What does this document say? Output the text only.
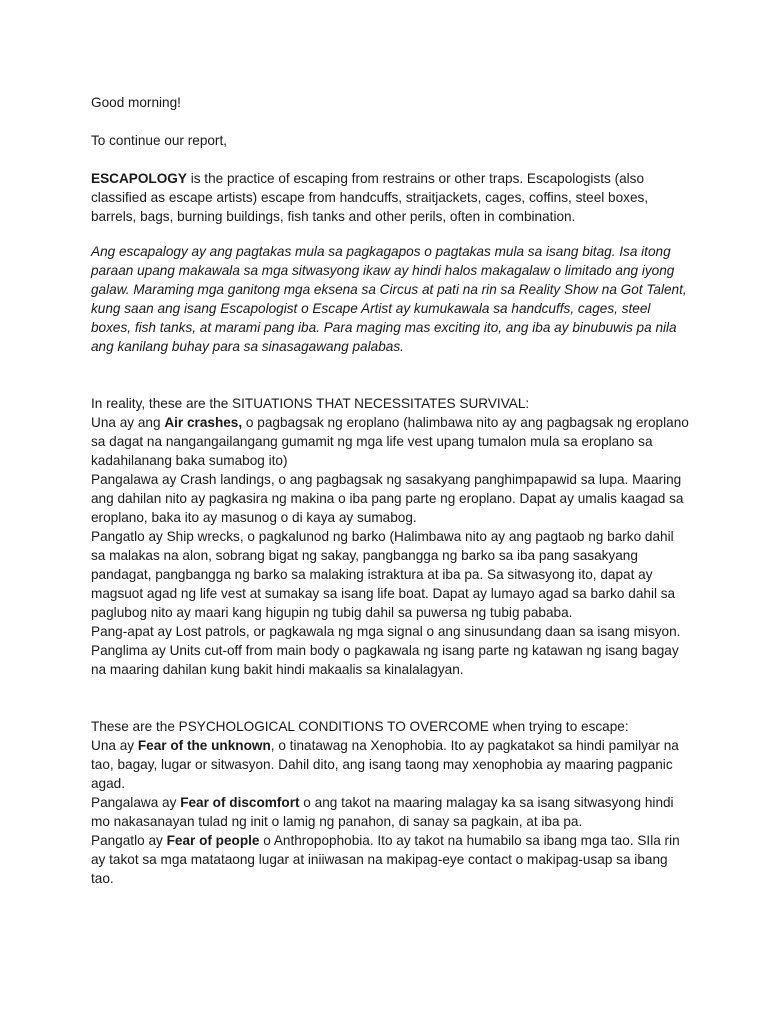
Good morning!

To continue our report,

ESCAPOLOGY is the practice of escaping from restrains or other traps. Escapologists (also classified as escape artists) escape from handcuffs, straitjackets, cages, coffins, steel boxes, barrels, bags, burning buildings, fish tanks and other perils, often in combination.

Ang escapalogy ay ang pagtakas mula sa pagkagapos o pagtakas mula sa isang bitag. Isa itong paraan upang makawala sa mga sitwasyong ikaw ay hindi halos makagalaw o limitado ang iyong galaw. Maraming mga ganitong mga eksena sa Circus at pati na rin sa Reality Show na Got Talent, kung saan ang isang Escapologist o Escape Artist ay kumukawala sa handcuffs, cages, steel boxes, fish tanks, at marami pang iba. Para maging mas exciting ito, ang iba ay binubuwis pa nila ang kanilang buhay para sa sinasagawang palabas.

In reality, these are the SITUATIONS THAT NECESSITATES SURVIVAL:

Una ay ang Air crashes, o pagbagsak ng eroplano (halimbawa nito ay ang pagbagsak ng eroplano sa dagat na nangangailangang gumamit ng mga life vest upang tumalon mula sa eroplano sa kadahilanang baka sumabog ito)

Pangalawa ay Crash landings, o ang pagbagsak ng sasakyang panghimpapawid sa lupa. Maaring ang dahilan nito ay pagkasira ng makina o iba pang parte ng eroplano. Dapat ay umalis kaagad sa eroplano, baka ito ay masunog o di kaya ay sumabog.

Pangatlo ay Ship wrecks, o pagkalunod ng barko (Halimbawa nito ay ang pagtaob ng barko dahil sa malakas na alon, sobrang bigat ng sakay, pangbangga ng barko sa iba pang sasakyang pandagat, pangbangga ng barko sa malaking istraktura at iba pa. Sa sitwasyong ito, dapat ay magsuot agad ng life vest at sumakay sa isang life boat. Dapat ay lumayo agad sa barko dahil sa paglubog nito ay maari kang higupin ng tubig dahil sa puwersa ng tubig pababa.

Pang-apat ay Lost patrols, or pagkawala ng mga signal o ang sinusundang daan sa isang misyon.

Panglima ay Units cut-off from main body o pagkawala ng isang parte ng katawan ng isang bagay na maaring dahilan kung bakit hindi makaalis sa kinalalagyan.

These are the PSYCHOLOGICAL CONDITIONS TO OVERCOME when trying to escape:

Una ay Fear of the unknown, o tinatawag na Xenophobia. Ito ay pagkatakot sa hindi pamilyar na tao, bagay, lugar or sitwasyon. Dahil dito, ang isang taong may xenophobia ay maaring pagpanic agad.

Pangalawa ay Fear of discomfort o ang takot na maaring malagay ka sa isang sitwasyong hindi mo nakasanayan tulad ng init o lamig ng panahon, di sanay sa pagkain, at iba pa.

Pangatlo ay Fear of people o Anthropophobia. Ito ay takot na humabilo sa ibang mga tao. SIla rin ay takot sa mga matataong lugar at iniiwasan na makipag-eye contact o makipag-usap sa ibang tao.
